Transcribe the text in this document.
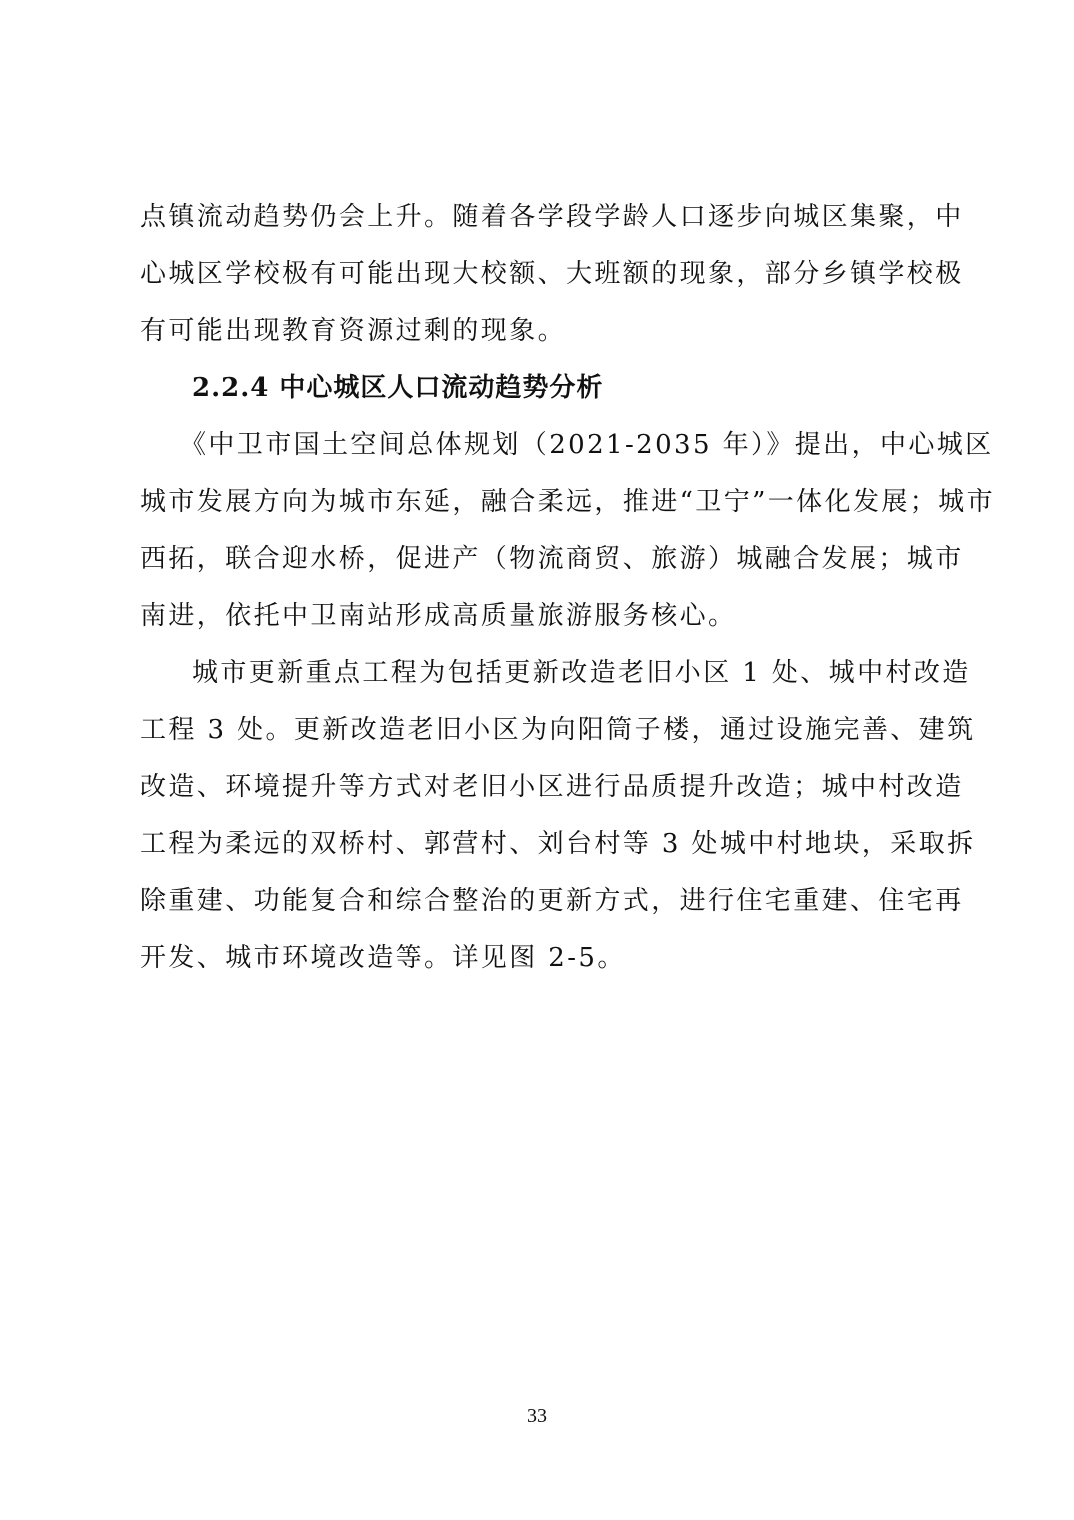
点镇流动趋势仍会上升。随着各学段学龄人口逐步向城区集聚，中
心城区学校极有可能出现大校额、大班额的现象，部分乡镇学校极
有可能出现教育资源过剩的现象。
2.2.4 中心城区人口流动趋势分析
《中卫市国土空间总体规划（2021-2035 年）》提出，中心城区
城市发展方向为城市东延，融合柔远，推进“卫宁”一体化发展；城市
西拓，联合迎水桥，促进产（物流商贸、旅游）城融合发展；城市
南进，依托中卫南站形成高质量旅游服务核心。
城市更新重点工程为包括更新改造老旧小区 1 处、城中村改造
工程 3 处。更新改造老旧小区为向阳筒子楼，通过设施完善、建筑
改造、环境提升等方式对老旧小区进行品质提升改造；城中村改造
工程为柔远的双桥村、郭营村、刘台村等 3 处城中村地块，采取拆
除重建、功能复合和综合整治的更新方式，进行住宅重建、住宅再
开发、城市环境改造等。详见图 2-5。
33
